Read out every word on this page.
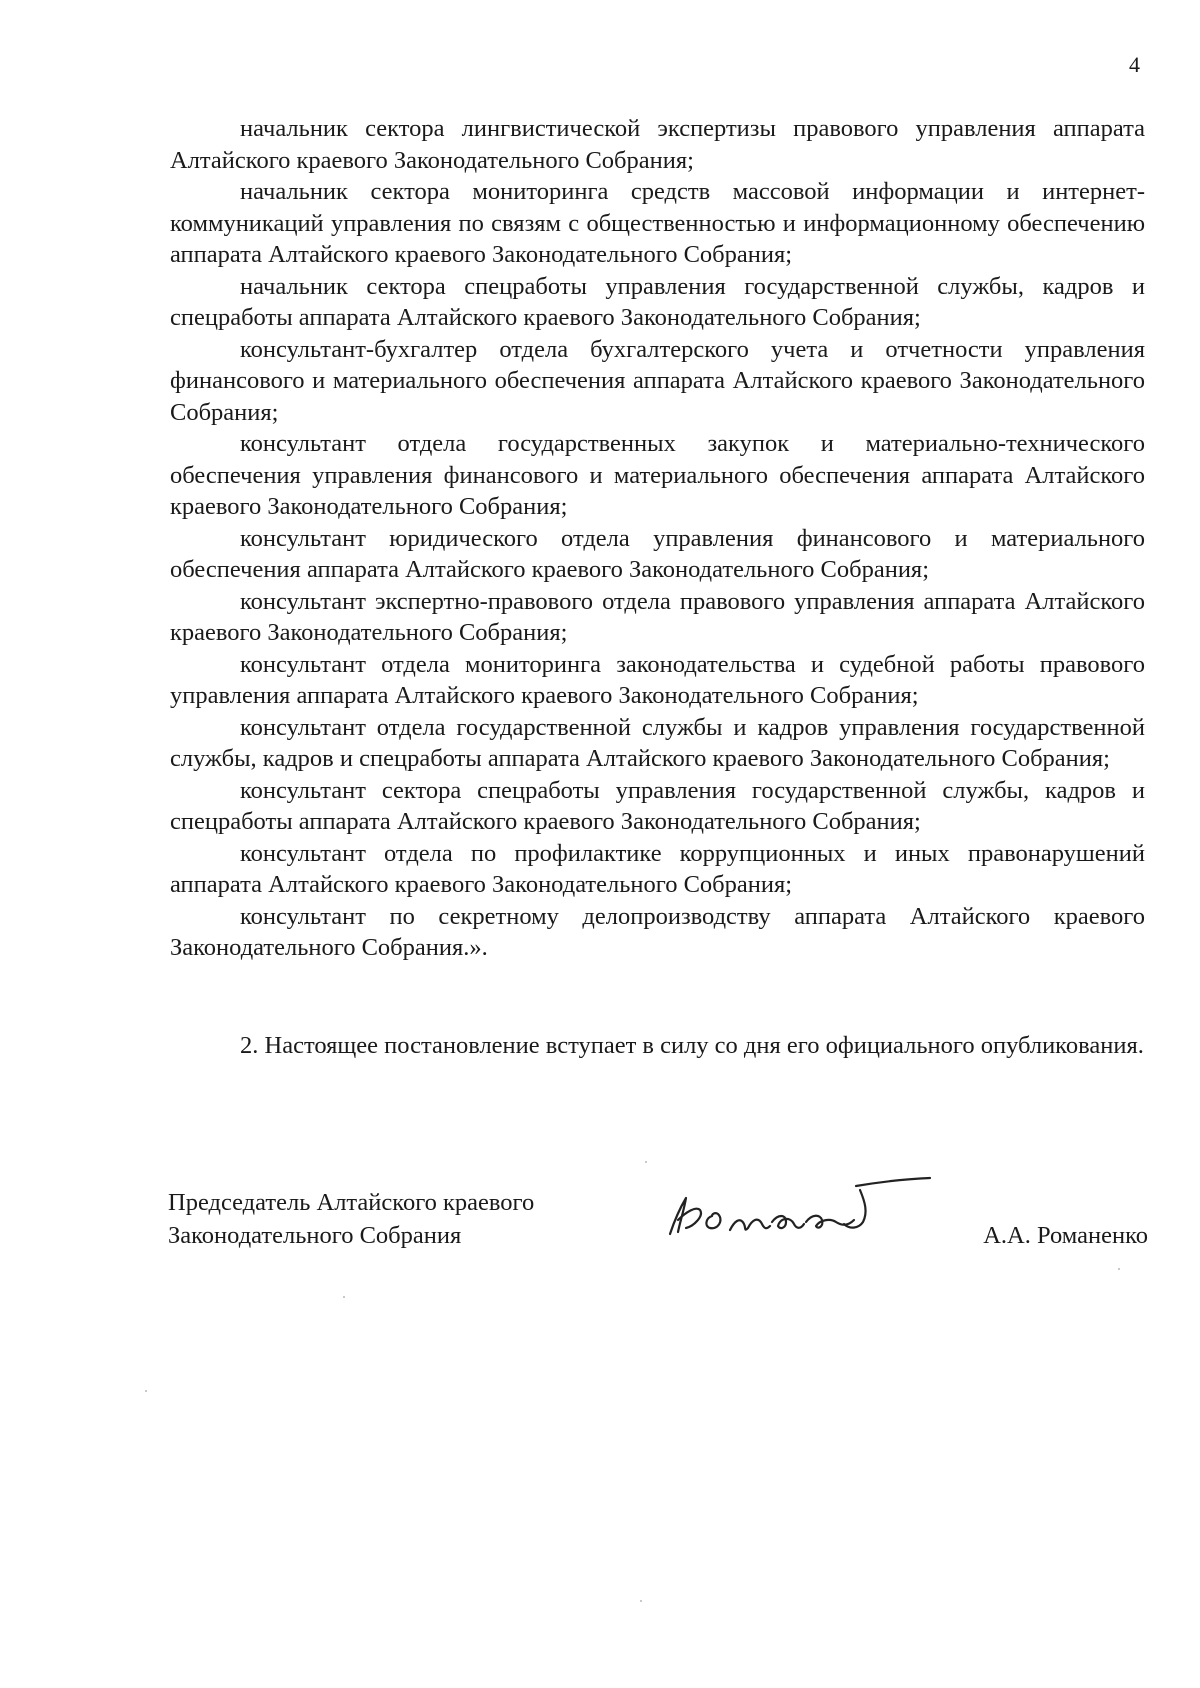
4

начальник сектора лингвистической экспертизы правового управления аппарата Алтайского краевого Законодательного Собрания;

начальник сектора мониторинга средств массовой информации и интернет-коммуникаций управления по связям с общественностью и информационному обеспечению аппарата Алтайского краевого Законодательного Собрания;

начальник сектора спецработы управления государственной службы, кадров и спецработы аппарата Алтайского краевого Законодательного Собрания;

консультант-бухгалтер отдела бухгалтерского учета и отчетности управления финансового и материального обеспечения аппарата Алтайского краевого Законодательного Собрания;

консультант отдела государственных закупок и материально-технического обеспечения управления финансового и материального обеспечения аппарата Алтайского краевого Законодательного Собрания;

консультант юридического отдела управления финансового и материального обеспечения аппарата Алтайского краевого Законодательного Собрания;

консультант экспертно-правового отдела правового управления аппарата Алтайского краевого Законодательного Собрания;

консультант отдела мониторинга законодательства и судебной работы правового управления аппарата Алтайского краевого Законодательного Собрания;

консультант отдела государственной службы и кадров управления государственной службы, кадров и спецработы аппарата Алтайского краевого Законодательного Собрания;

консультант сектора спецработы управления государственной службы, кадров и спецработы аппарата Алтайского краевого Законодательного Собрания;

консультант отдела по профилактике коррупционных и иных правонарушений аппарата Алтайского краевого Законодательного Собрания;

консультант по секретному делопроизводству аппарата Алтайского краевого Законодательного Собрания.».

2. Настоящее постановление вступает в силу со дня его официального опубликования.

Председатель Алтайского краевого
Законодательного Собрания	А.А. Романенко
